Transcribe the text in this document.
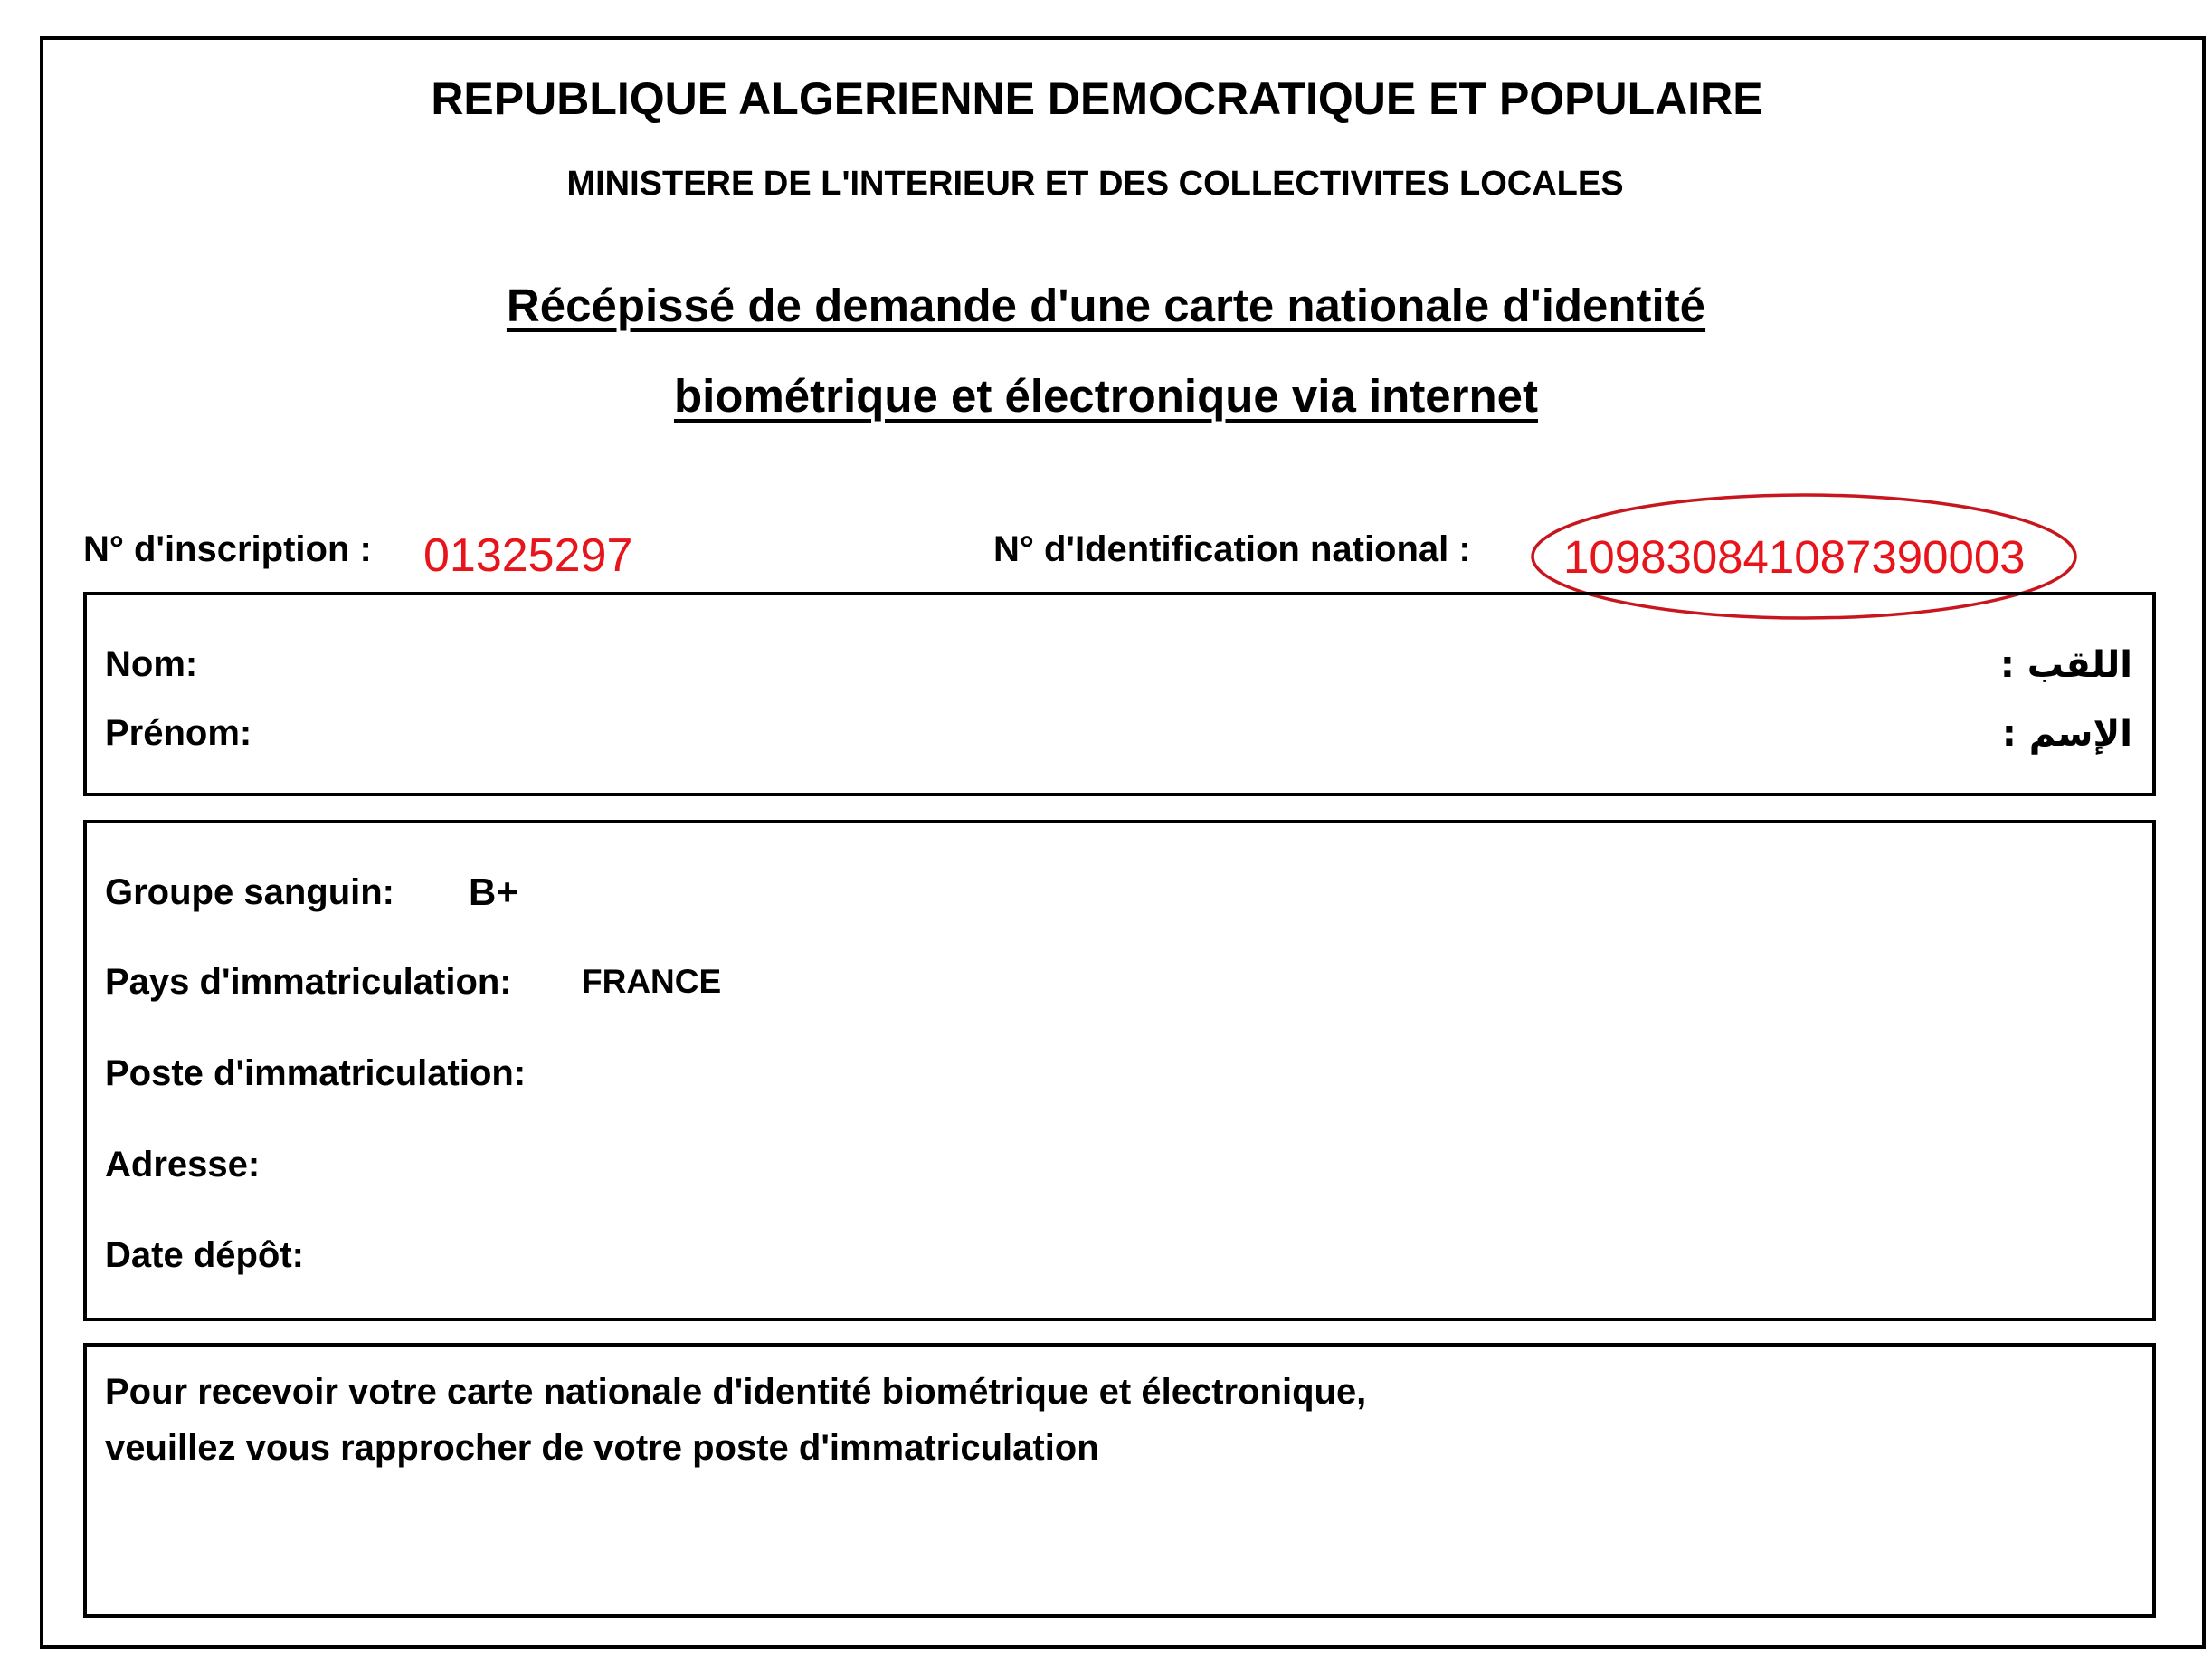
REPUBLIQUE ALGERIENNE DEMOCRATIQUE ET POPULAIRE
MINISTERE DE L'INTERIEUR ET DES COLLECTIVITES LOCALES
Récépissé de demande d'une carte nationale d'identité
biométrique et électronique via internet
N° d'inscription : 01325297	N° d'Identification national : 109830841087390003
Nom:	اللقب :
Prénom:	الإسم :
Groupe sanguin: B+
Pays d'immatriculation: FRANCE
Poste d'immatriculation:
Adresse:
Date dépôt:
Pour recevoir votre carte nationale d'identité biométrique et électronique,
veuillez vous rapprocher de votre poste d'immatriculation
